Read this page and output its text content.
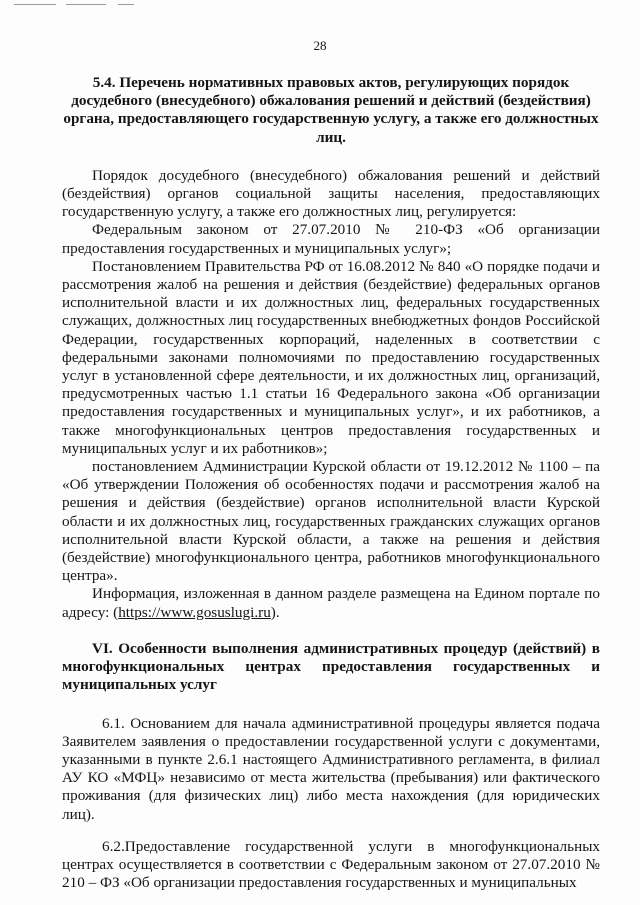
28

5.4. Перечень нормативных правовых актов, регулирующих порядок досудебного (внесудебного) обжалования решений и действий (бездействия) органа, предоставляющего государственную услугу, а также его должностных лиц.

Порядок досудебного (внесудебного) обжалования решений и действий (бездействия) органов социальной защиты населения, предоставляющих государственную услугу, а также его должностных лиц, регулируется:

Федеральным законом от 27.07.2010 № 210-ФЗ «Об организации предоставления государственных и муниципальных услуг»;

Постановлением Правительства РФ от 16.08.2012 № 840 «О порядке подачи и рассмотрения жалоб на решения и действия (бездействие) федеральных органов исполнительной власти и их должностных лиц, федеральных государственных служащих, должностных лиц государственных внебюджетных фондов Российской Федерации, государственных корпораций, наделенных в соответствии с федеральными законами полномочиями по предоставлению государственных услуг в установленной сфере деятельности, и их должностных лиц, организаций, предусмотренных частью 1.1 статьи 16 Федерального закона «Об организации предоставления государственных и муниципальных услуг», и их работников, а также многофункциональных центров предоставления государственных и муниципальных услуг и их работников»;

постановлением Администрации Курской области от 19.12.2012 № 1100 – па «Об утверждении Положения об особенностях подачи и рассмотрения жалоб на решения и действия (бездействие) органов исполнительной власти Курской области и их должностных лиц, государственных гражданских служащих органов исполнительной власти Курской области, а также на решения и действия (бездействие) многофункционального центра, работников многофункционального центра».

Информация, изложенная в данном разделе размещена на Едином портале по адресу: (https://www.gosuslugi.ru).

VI. Особенности выполнения административных процедур (действий) в многофункциональных центрах предоставления государственных и муниципальных услуг

6.1. Основанием для начала административной процедуры является подача Заявителем заявления о предоставлении государственной услуги с документами, указанными в пункте 2.6.1 настоящего Административного регламента, в филиал АУ КО «МФЦ» независимо от места жительства (пребывания) или фактического проживания (для физических лиц) либо места нахождения (для юридических лиц).

6.2.Предоставление государственной услуги в многофункциональных центрах осуществляется в соответствии с Федеральным законом от 27.07.2010 № 210 – ФЗ «Об организации предоставления государственных и муниципальных
